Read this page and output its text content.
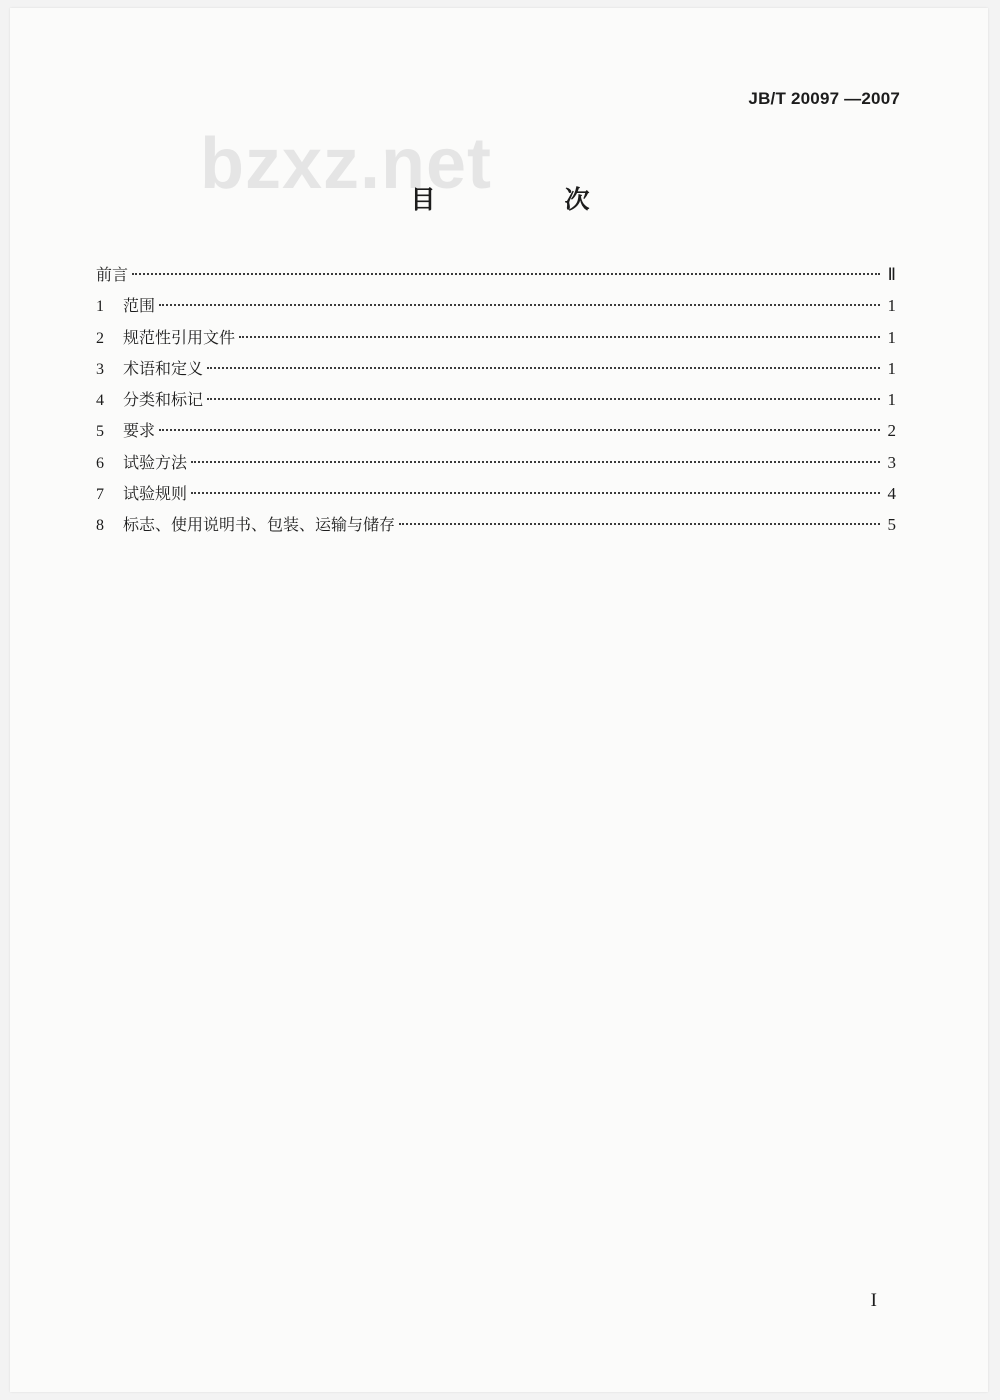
JB/T 20097 —2007
bzxz.net
目　次
前言	Ⅱ
1	范围	1
2	规范性引用文件	1
3	术语和定义	1
4	分类和标记	1
5	要求	2
6	试验方法	3
7	试验规则	4
8	标志、使用说明书、包装、运输与储存	5
I
